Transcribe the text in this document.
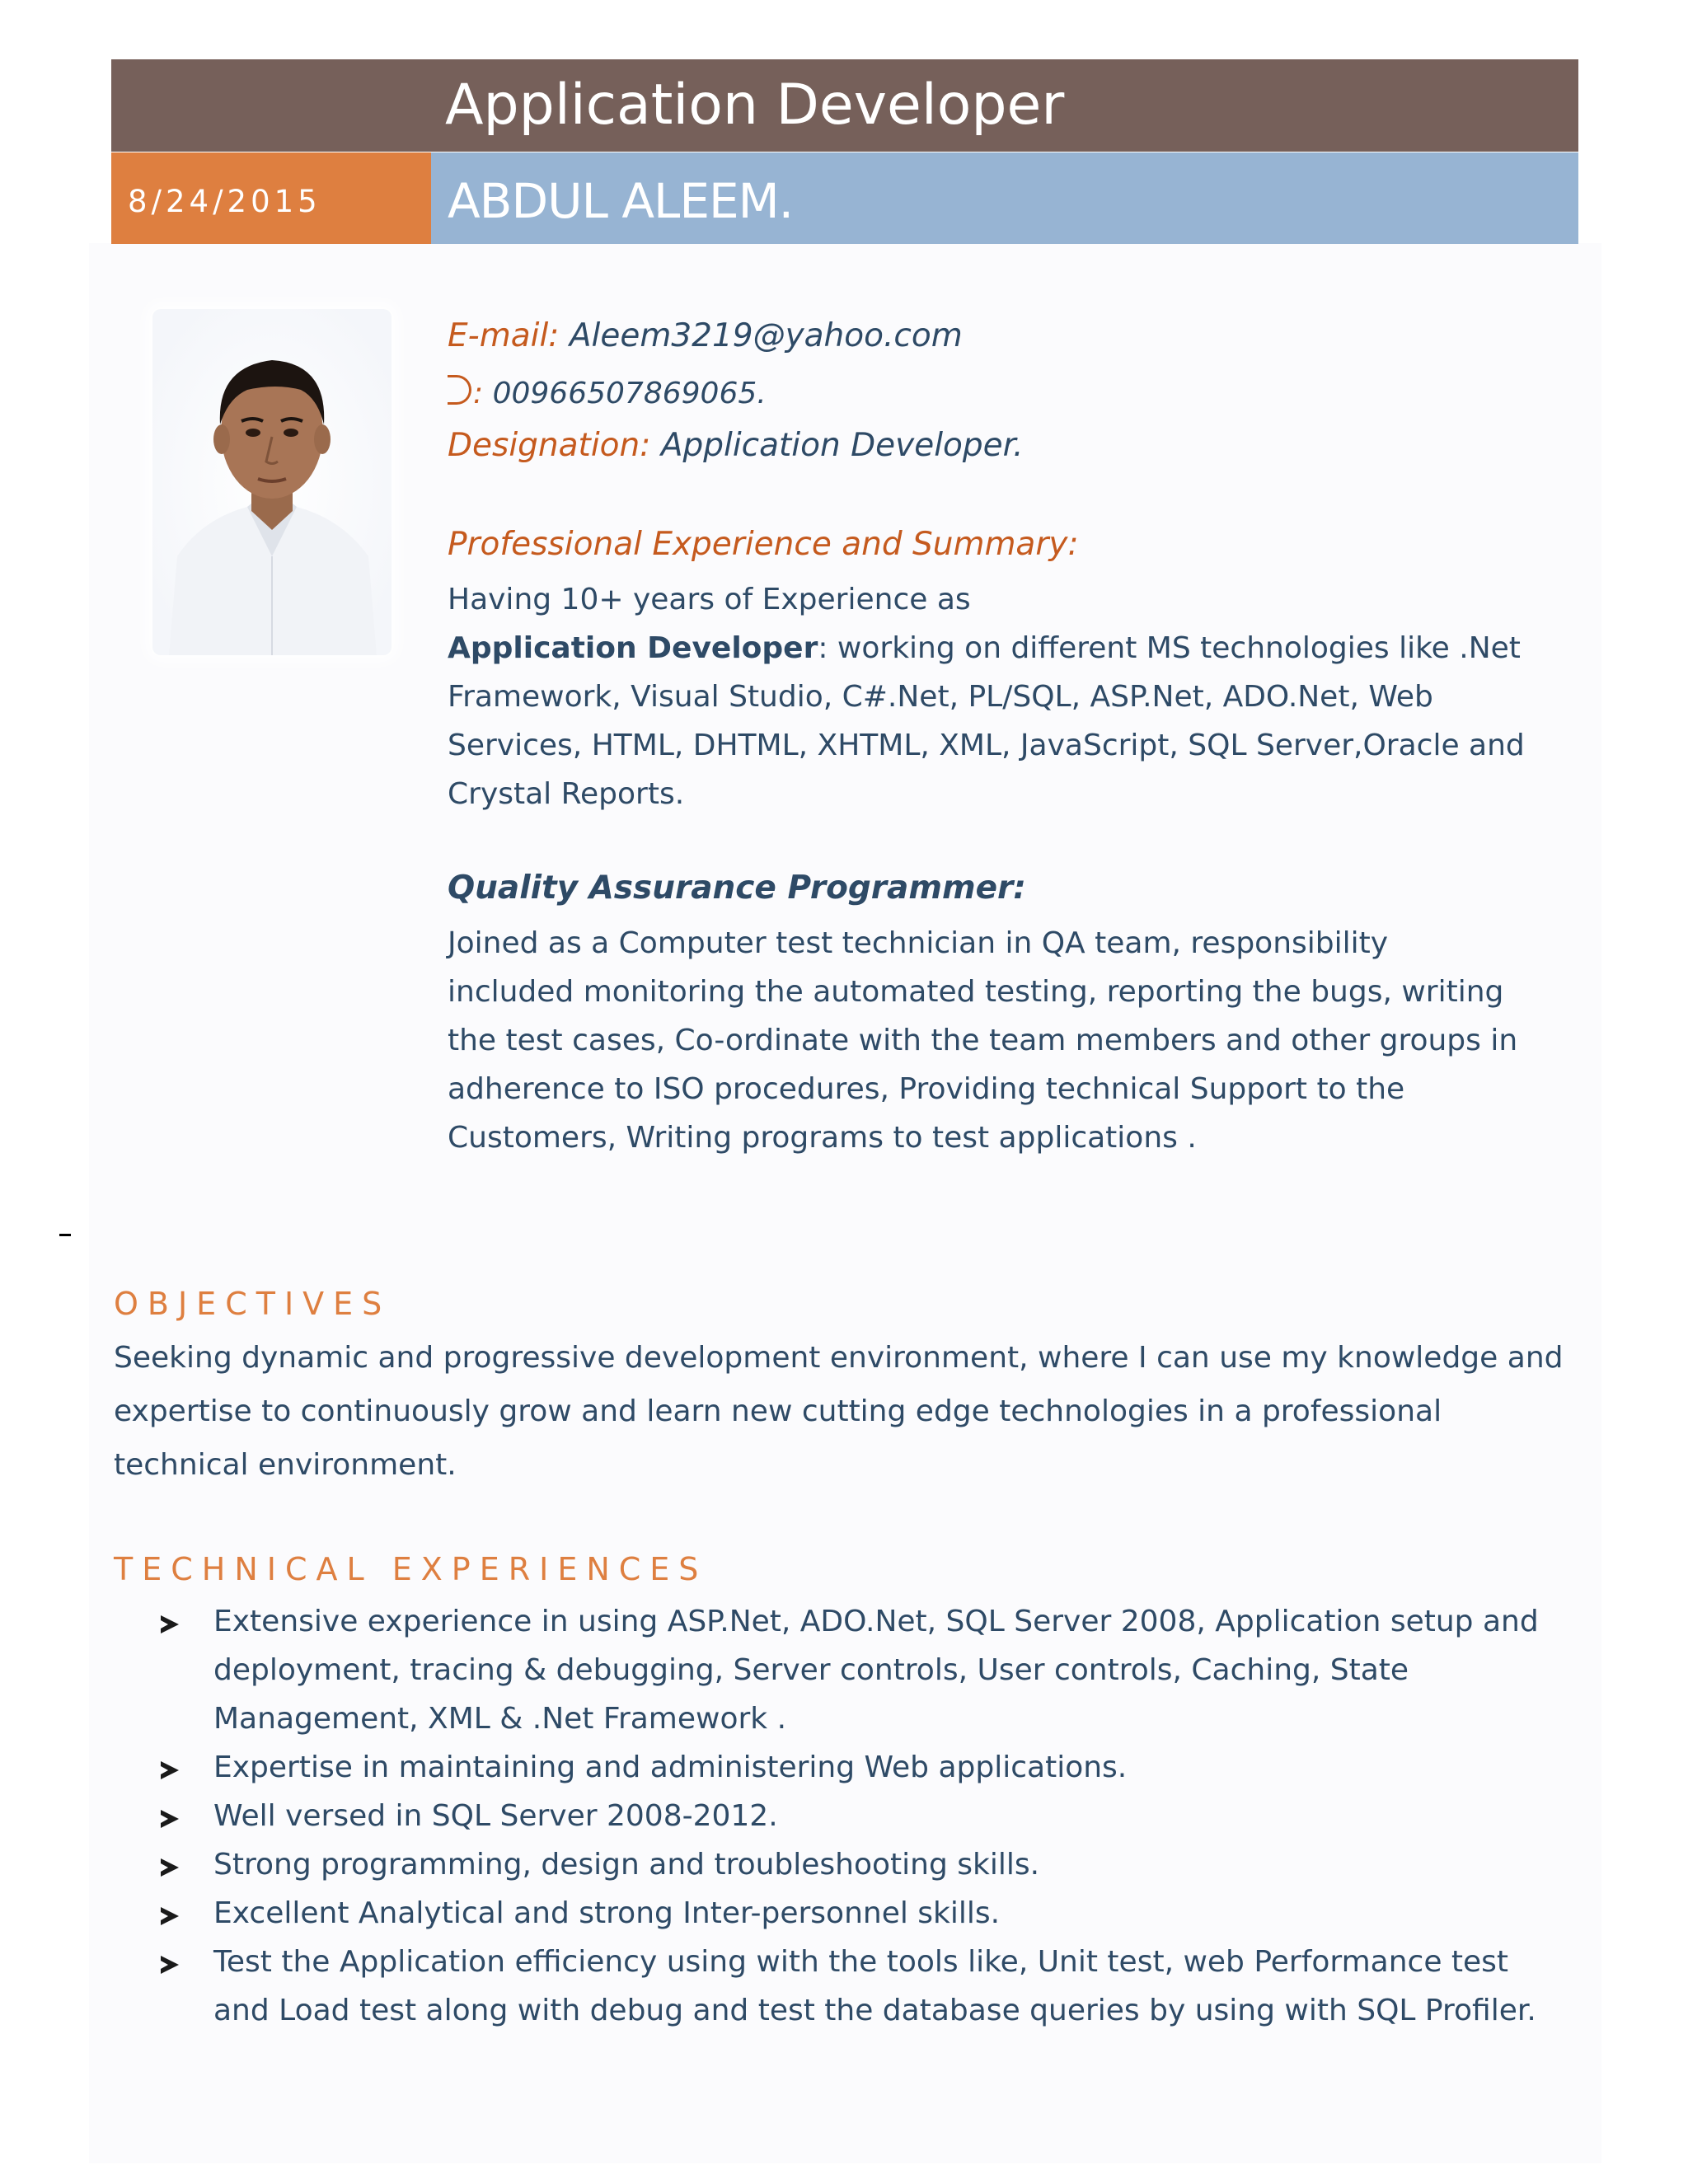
Application Developer
8/24/2015	ABDUL ALEEM.
E-mail: Aleem3219@yahoo.com
: 00966507869065.
Designation: Application Developer.
Professional Experience and Summary:
Having 10+ years of Experience as
Application Developer: working on different MS technologies like .Net
Framework, Visual Studio, C#.Net, PL/SQL, ASP.Net, ADO.Net, Web
Services, HTML, DHTML, XHTML, XML, JavaScript, SQL Server,Oracle and
Crystal Reports.
Quality Assurance Programmer:
Joined as a Computer test technician in QA team, responsibility
included monitoring the automated testing, reporting the bugs, writing
the test cases, Co-ordinate with the team members and other groups in
adherence to ISO procedures, Providing technical Support to the
Customers, Writing programs to test applications .
OBJECTIVES
Seeking dynamic and progressive development environment, where I can use my knowledge and
expertise to continuously grow and learn new cutting edge technologies in a professional
technical environment.
TECHNICAL EXPERIENCES
Extensive experience in using ASP.Net, ADO.Net, SQL Server 2008, Application setup and
deployment, tracing & debugging, Server controls, User controls, Caching, State
Management, XML & .Net Framework .
Expertise in maintaining and administering Web applications.
Well versed in SQL Server 2008-2012.
Strong programming, design and troubleshooting skills.
Excellent Analytical and strong Inter-personnel skills.
Test the Application efficiency using with the tools like, Unit test, web Performance test
and Load test along with debug and test the database queries by using with SQL Profiler.
